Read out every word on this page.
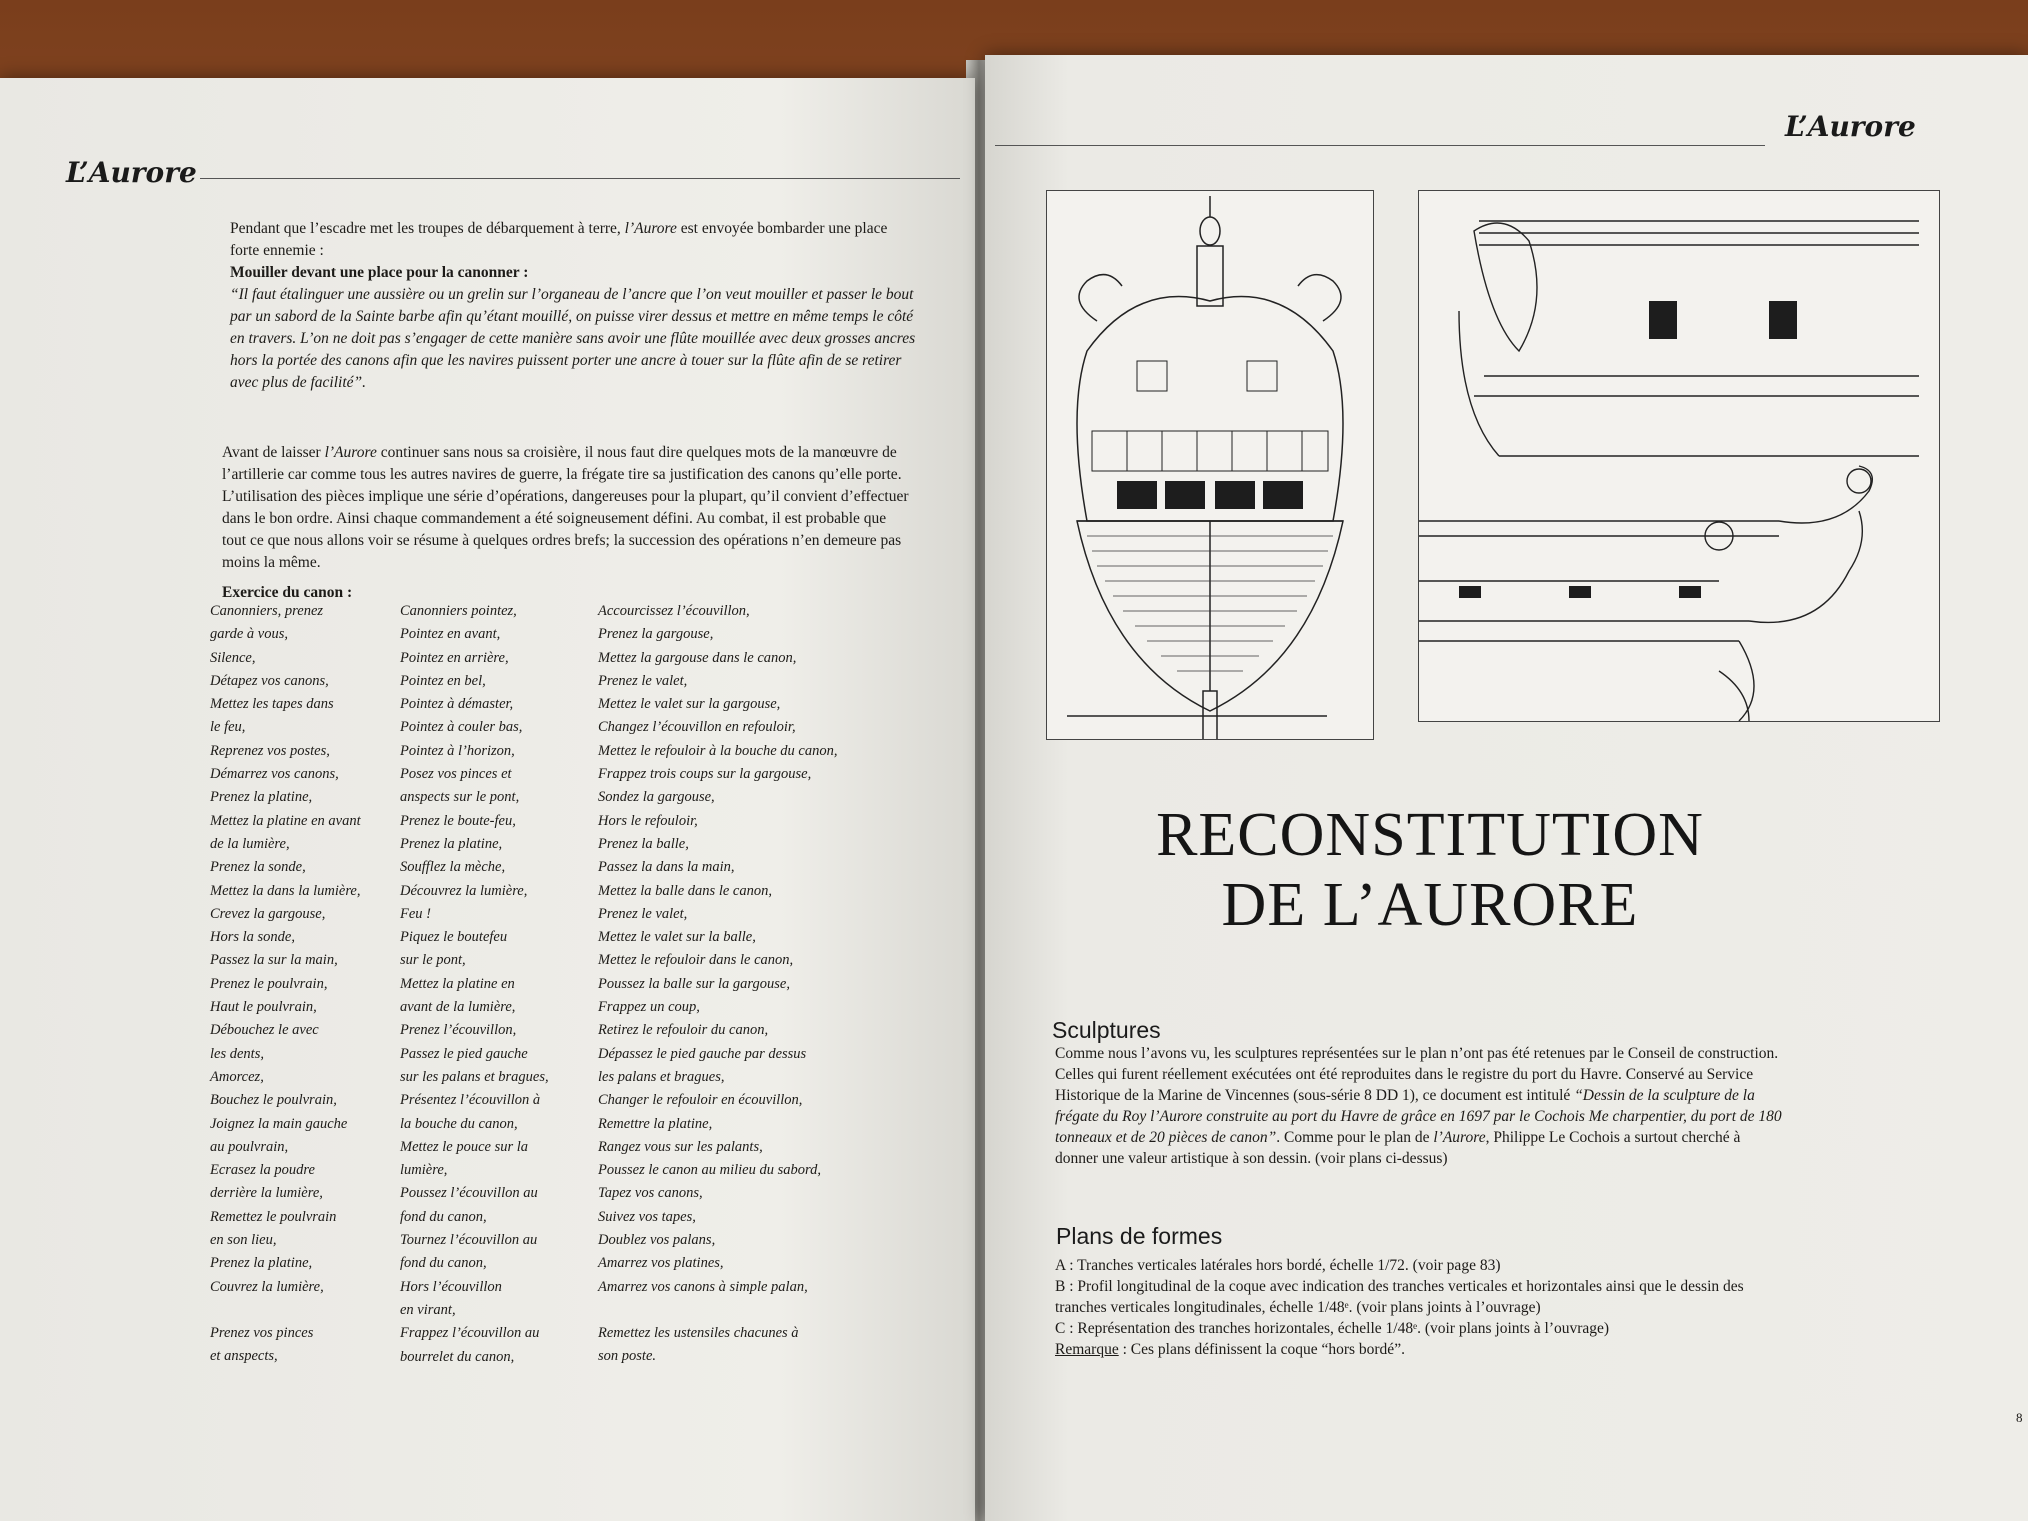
L’Aurore

Pendant que l’escadre met les troupes de débarquement à terre, l’Aurore est envoyée bombarder une place forte ennemie :
Mouiller devant une place pour la canonner :
“Il faut étalinguer une aussière ou un grelin sur l’organeau de l’ancre que l’on veut mouiller et passer le bout par un sabord de la Sainte barbe afin qu’étant mouillé, on puisse virer dessus et mettre en même temps le côté en travers. L’on ne doit pas s’engager de cette manière sans avoir une flûte mouillée avec deux grosses ancres hors la portée des canons afin que les navires puissent porter une ancre à touer sur la flûte afin de se retirer avec plus de facilité”.

Avant de laisser l’Aurore continuer sans nous sa croisière, il nous faut dire quelques mots de la manœuvre de l’artillerie car comme tous les autres navires de guerre, la frégate tire sa justification des canons qu’elle porte. L’utilisation des pièces implique une série d’opérations, dangereuses pour la plupart, qu’il convient d’effectuer dans le bon ordre. Ainsi chaque commandement a été soigneusement défini. Au combat, il est probable que tout ce que nous allons voir se résume à quelques ordres brefs; la succession des opérations n’en demeure pas moins la même.

Exercice du canon :

Canonniers, prenez
garde à vous,
Silence,
Détapez vos canons,
Mettez les tapes dans
le feu,
Reprenez vos postes,
Démarrez vos canons,
Prenez la platine,
Mettez la platine en avant
de la lumière,
Prenez la sonde,
Mettez la dans la lumière,
Crevez la gargouse,
Hors la sonde,
Passez la sur la main,
Prenez le poulvrain,
Haut le poulvrain,
Débouchez le avec
les dents,
Amorcez,
Bouchez le poulvrain,
Joignez la main gauche
au poulvrain,
Ecrasez la poudre
derrière la lumière,
Remettez le poulvrain
en son lieu,
Prenez la platine,
Couvrez la lumière,
Prenez vos pinces
et anspects,
Canonniers pointez,
Pointez en avant,
Pointez en arrière,
Pointez en bel,
Pointez à démaster,
Pointez à couler bas,
Pointez à l’horizon,
Posez vos pinces et
anspects sur le pont,
Prenez le boute-feu,
Prenez la platine,
Soufflez la mèche,
Découvrez la lumière,
Feu !
Piquez le boutefeu
sur le pont,
Mettez la platine en
avant de la lumière,
Prenez l’écouvillon,
Passez le pied gauche
sur les palans et bragues,
Présentez l’écouvillon à
la bouche du canon,
Mettez le pouce sur la
lumière,
Poussez l’écouvillon au
fond du canon,
Tournez l’écouvillon au
fond du canon,
Hors l’écouvillon
en virant,
Frappez l’écouvillon au
bourrelet du canon,
Accourcissez l’écouvillon,
Prenez la gargouse,
Mettez la gargouse dans le canon,
Prenez le valet,
Mettez le valet sur la gargouse,
Changez l’écouvillon en refouloir,
Mettez le refouloir à la bouche du canon,
Frappez trois coups sur la gargouse,
Sondez la gargouse,
Hors le refouloir,
Prenez la balle,
Passez la dans la main,
Mettez la balle dans le canon,
Prenez le valet,
Mettez le valet sur la balle,
Mettez le refouloir dans le canon,
Poussez la balle sur la gargouse,
Frappez un coup,
Retirez le refouloir du canon,
Dépassez le pied gauche par dessus
les palans et bragues,
Changer le refouloir en écouvillon,
Remettre la platine,
Rangez vous sur les palants,
Poussez le canon au milieu du sabord,
Tapez vos canons,
Suivez vos tapes,
Doublez vos palans,
Amarrez vos platines,
Amarrez vos canons à simple palan,
Remettez les ustensiles chacunes à
son poste.
L’Aurore
RECONSTITUTION
DE L’AURORE
Sculptures

Comme nous l’avons vu, les sculptures représentées sur le plan n’ont pas été retenues par le Conseil de construction. Celles qui furent réellement exécutées ont été reproduites dans le registre du port du Havre. Conservé au Service Historique de la Marine de Vincennes (sous-série 8 DD 1), ce document est intitulé “Dessin de la sculpture de la frégate du Roy l’Aurore construite au port du Havre de grâce en 1697 par le Cochois Me charpentier, du port de 180 tonneaux et de 20 pièces de canon”. Comme pour le plan de l’Aurore, Philippe Le Cochois a surtout cherché à donner une valeur artistique à son dessin. (voir plans ci-dessus)

Plans de formes

A : Tranches verticales latérales hors bordé, échelle 1/72. (voir page 83)

B : Profil longitudinal de la coque avec indication des tranches verticales et horizontales ainsi que le dessin des tranches verticales longitudinales, échelle 1/48ᵉ. (voir plans joints à l’ouvrage)

C : Représentation des tranches horizontales, échelle 1/48ᵉ. (voir plans joints à l’ouvrage)

Remarque : Ces plans définissent la coque “hors bordé”.

8
